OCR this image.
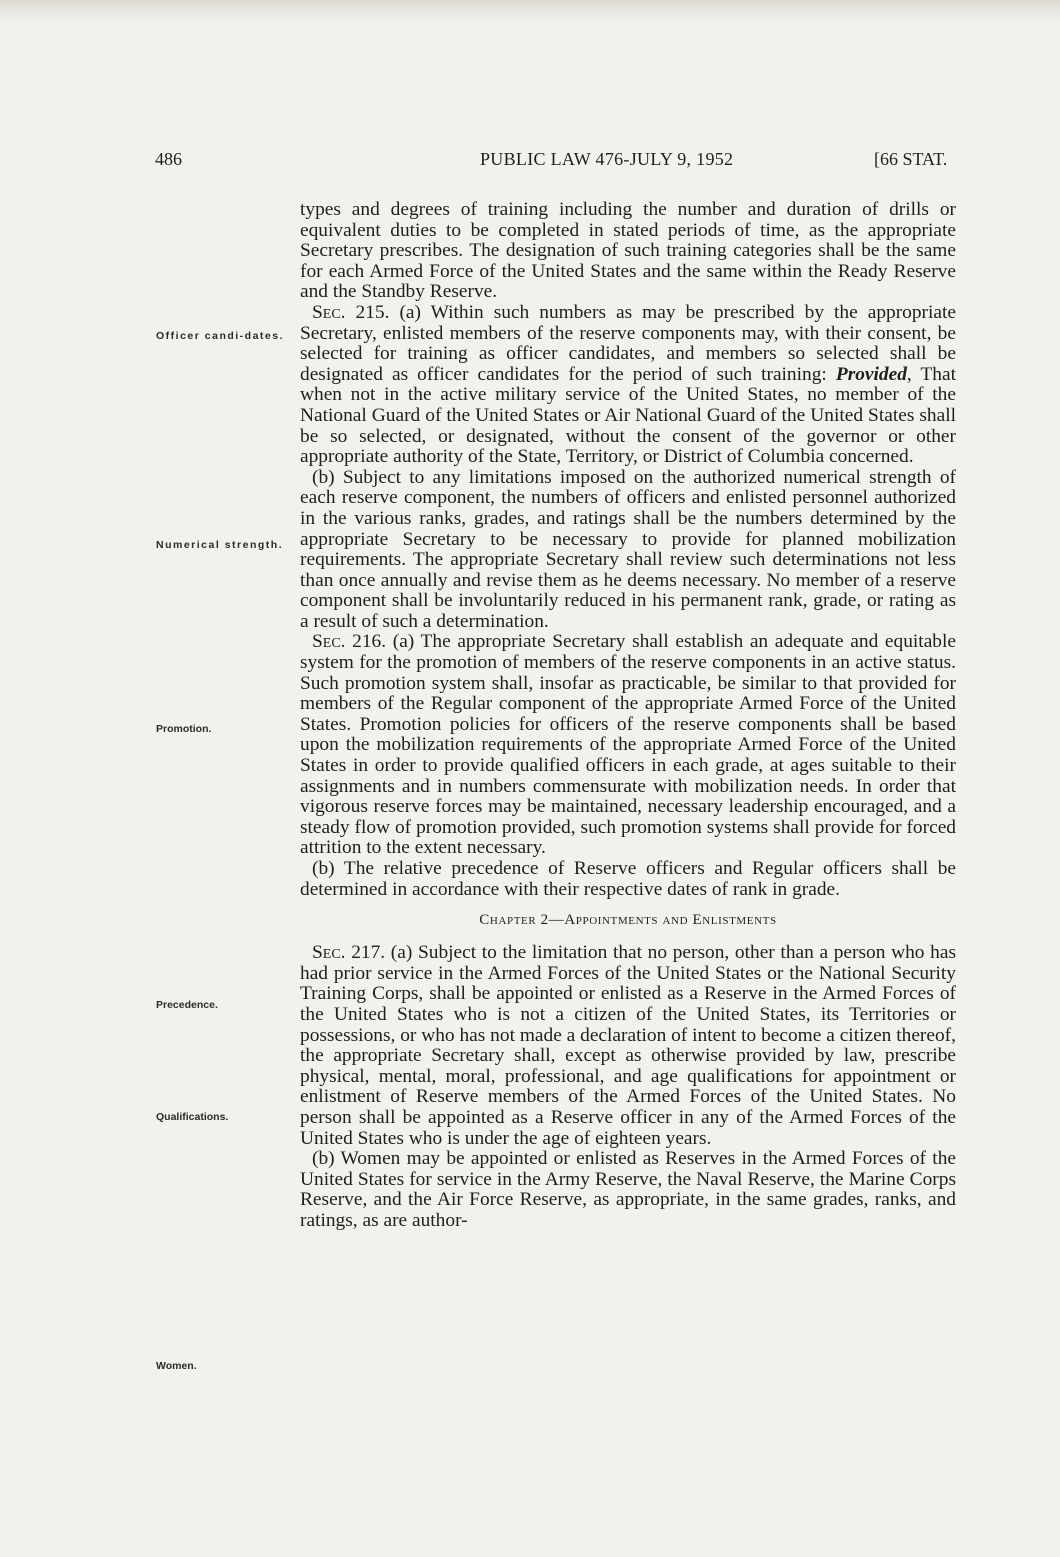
486	PUBLIC LAW 476-JULY 9, 1952	[66 STAT.
Officer candi-dates.
Numerical strength.
Promotion.
Precedence.
Qualifications.
Women.

types and degrees of training including the number and duration of drills or equivalent duties to be completed in stated periods of time, as the appropriate Secretary prescribes. The designation of such training categories shall be the same for each Armed Force of the United States and the same within the Ready Reserve and the Standby Reserve.

Sec. 215. (a) Within such numbers as may be prescribed by the appropriate Secretary, enlisted members of the reserve components may, with their consent, be selected for training as officer candidates, and members so selected shall be designated as officer candidates for the period of such training: Provided, That when not in the active military service of the United States, no member of the National Guard of the United States or Air National Guard of the United States shall be so selected, or designated, without the consent of the governor or other appropriate authority of the State, Territory, or District of Columbia concerned.

(b) Subject to any limitations imposed on the authorized numerical strength of each reserve component, the numbers of officers and enlisted personnel authorized in the various ranks, grades, and ratings shall be the numbers determined by the appropriate Secretary to be necessary to provide for planned mobilization requirements. The appropriate Secretary shall review such determinations not less than once annually and revise them as he deems necessary. No member of a reserve component shall be involuntarily reduced in his permanent rank, grade, or rating as a result of such a determination.

Sec. 216. (a) The appropriate Secretary shall establish an adequate and equitable system for the promotion of members of the reserve components in an active status. Such promotion system shall, insofar as practicable, be similar to that provided for members of the Regular component of the appropriate Armed Force of the United States. Promotion policies for officers of the reserve components shall be based upon the mobilization requirements of the appropriate Armed Force of the United States in order to provide qualified officers in each grade, at ages suitable to their assignments and in numbers commensurate with mobilization needs. In order that vigorous reserve forces may be maintained, necessary leadership encouraged, and a steady flow of promotion provided, such promotion systems shall provide for forced attrition to the extent necessary.

(b) The relative precedence of Reserve officers and Regular officers shall be determined in accordance with their respective dates of rank in grade.

Chapter 2—Appointments and Enlistments

Sec. 217. (a) Subject to the limitation that no person, other than a person who has had prior service in the Armed Forces of the United States or the National Security Training Corps, shall be appointed or enlisted as a Reserve in the Armed Forces of the United States who is not a citizen of the United States, its Territories or possessions, or who has not made a declaration of intent to become a citizen thereof, the appropriate Secretary shall, except as otherwise provided by law, prescribe physical, mental, moral, professional, and age qualifications for appointment or enlistment of Reserve members of the Armed Forces of the United States. No person shall be appointed as a Reserve officer in any of the Armed Forces of the United States who is under the age of eighteen years.

(b) Women may be appointed or enlisted as Reserves in the Armed Forces of the United States for service in the Army Reserve, the Naval Reserve, the Marine Corps Reserve, and the Air Force Reserve, as appropriate, in the same grades, ranks, and ratings, as are author-
